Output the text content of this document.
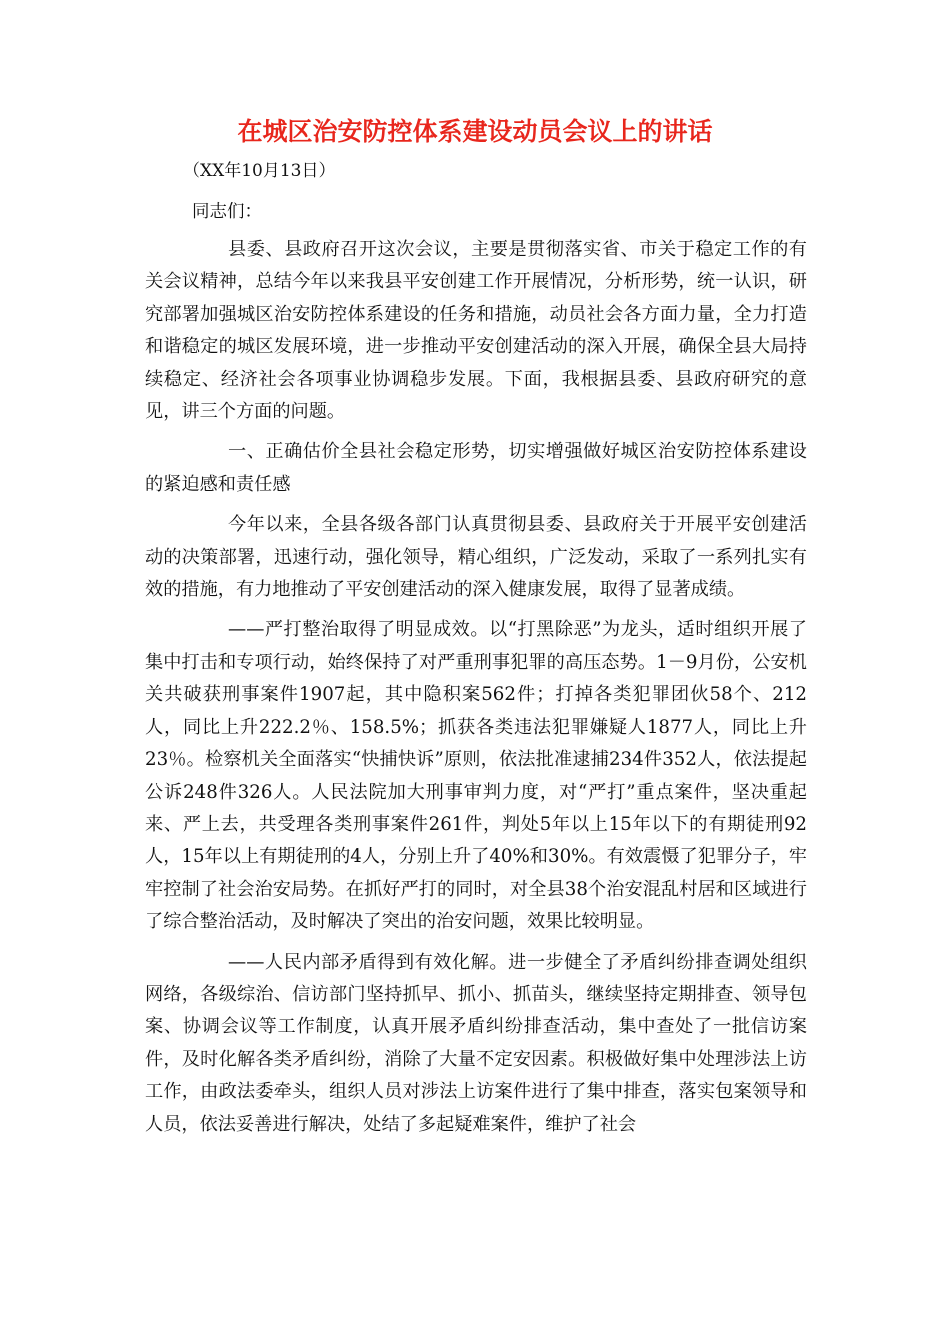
在城区治安防控体系建设动员会议上的讲话

（XX年10月13日）

同志们：

县委、县政府召开这次会议，主要是贯彻落实省、市关于稳定工作的有关会议精神，总结今年以来我县平安创建工作开展情况，分析形势，统一认识，研究部署加强城区治安防控体系建设的任务和措施，动员社会各方面力量，全力打造和谐稳定的城区发展环境，进一步推动平安创建活动的深入开展，确保全县大局持续稳定、经济社会各项事业协调稳步发展。下面，我根据县委、县政府研究的意见，讲三个方面的问题。

一、正确估价全县社会稳定形势，切实增强做好城区治安防控体系建设的紧迫感和责任感

今年以来，全县各级各部门认真贯彻县委、县政府关于开展平安创建活动的决策部署，迅速行动，强化领导，精心组织，广泛发动，采取了一系列扎实有效的措施，有力地推动了平安创建活动的深入健康发展，取得了显著成绩。

——严打整治取得了明显成效。以“打黑除恶”为龙头，适时组织开展了集中打击和专项行动，始终保持了对严重刑事犯罪的高压态势。1－9月份，公安机关共破获刑事案件1907起，其中隐积案562件；打掉各类犯罪团伙58个、212人，同比上升222.2％、158.5%；抓获各类违法犯罪嫌疑人1877人，同比上升23％。检察机关全面落实“快捕快诉”原则，依法批准逮捕234件352人，依法提起公诉248件326人。人民法院加大刑事审判力度，对“严打”重点案件，坚决重起来、严上去，共受理各类刑事案件261件，判处5年以上15年以下的有期徒刑92人，15年以上有期徒刑的4人，分别上升了40%和30%。有效震慑了犯罪分子，牢牢控制了社会治安局势。在抓好严打的同时，对全县38个治安混乱村居和区域进行了综合整治活动，及时解决了突出的治安问题，效果比较明显。

——人民内部矛盾得到有效化解。进一步健全了矛盾纠纷排查调处组织网络，各级综治、信访部门坚持抓早、抓小、抓苗头，继续坚持定期排查、领导包案、协调会议等工作制度，认真开展矛盾纠纷排查活动，集中查处了一批信访案件，及时化解各类矛盾纠纷，消除了大量不定安因素。积极做好集中处理涉法上访工作，由政法委牵头，组织人员对涉法上访案件进行了集中排查，落实包案领导和人员，依法妥善进行解决，处结了多起疑难案件，维护了社会
